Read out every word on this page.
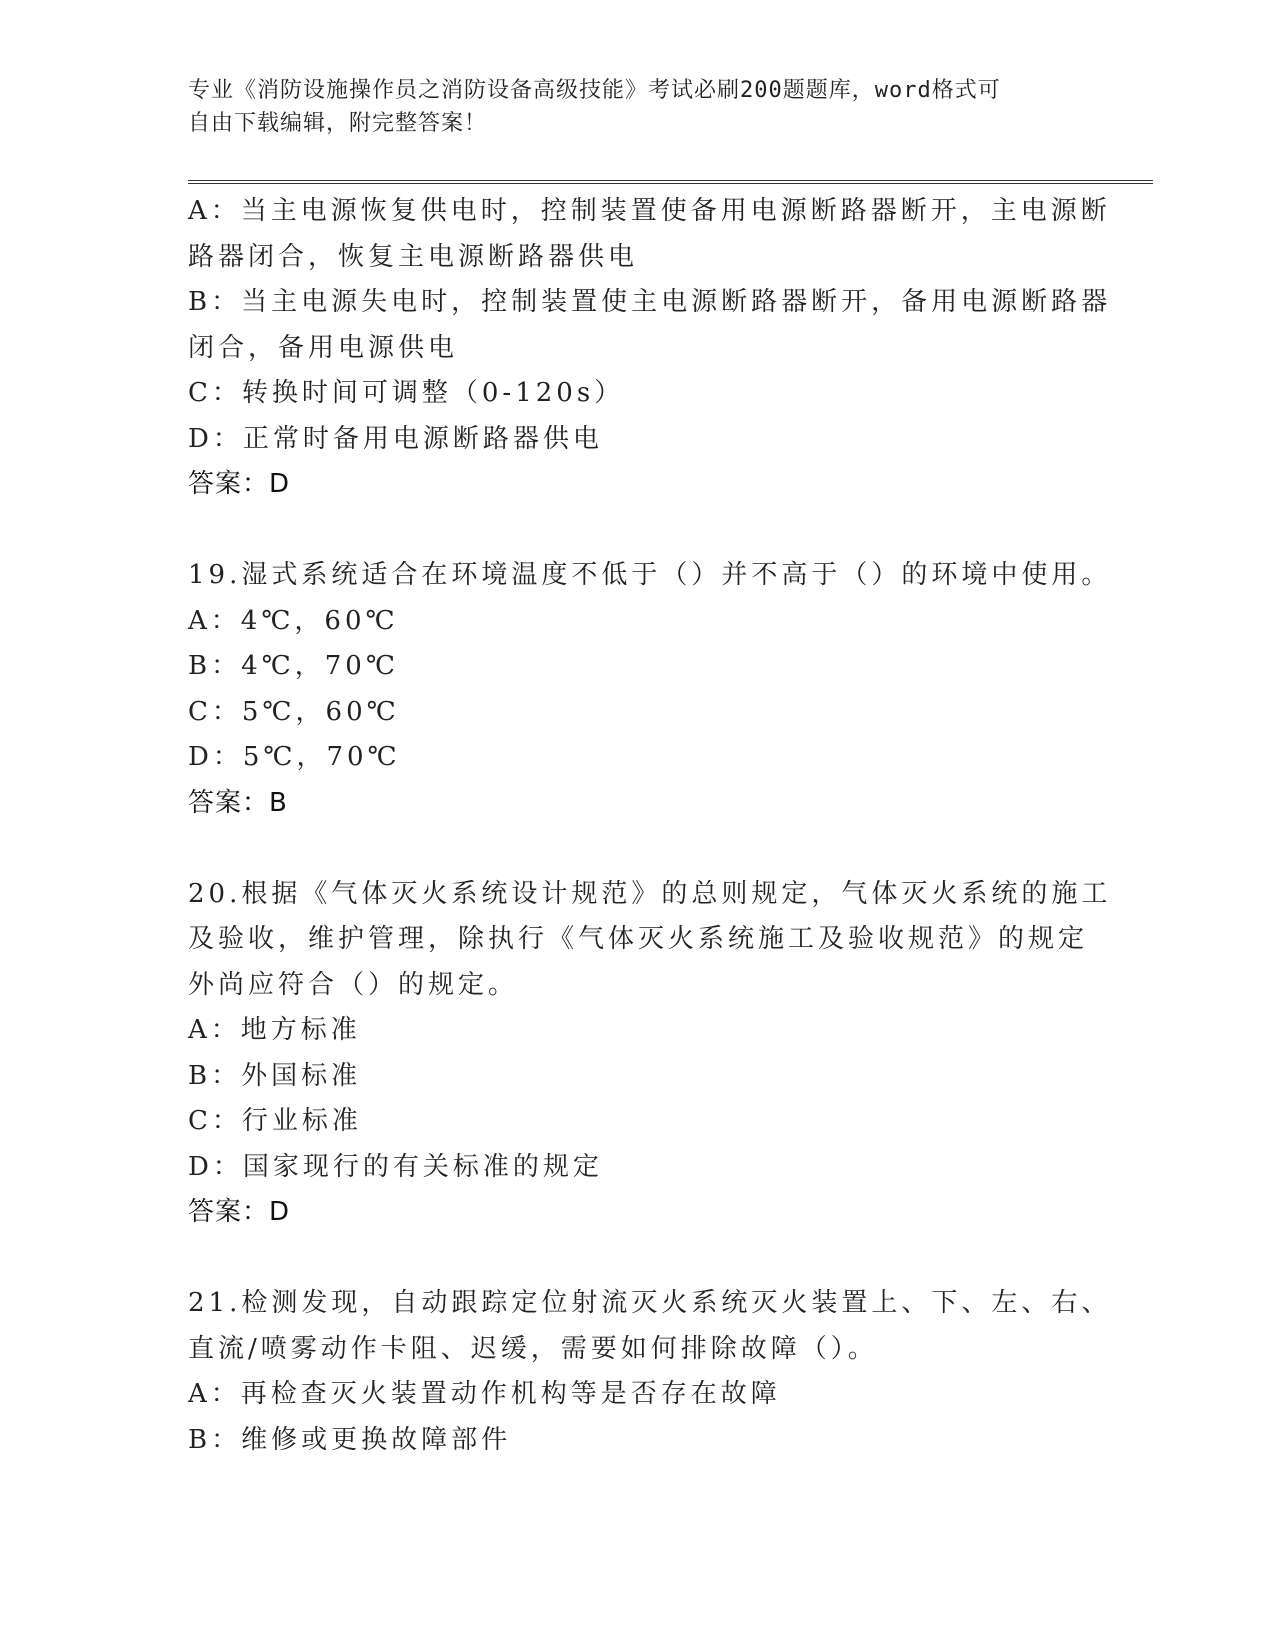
专业《消防设施操作员之消防设备高级技能》考试必刷200题题库，word格式可
自由下载编辑，附完整答案！
A：当主电源恢复供电时，控制装置使备用电源断路器断开，主电源断
路器闭合，恢复主电源断路器供电
B：当主电源失电时，控制装置使主电源断路器断开，备用电源断路器
闭合，备用电源供电
C：转换时间可调整（0-120s）
D：正常时备用电源断路器供电
答案：D
19.湿式系统适合在环境温度不低于（）并不高于（）的环境中使用。
A：4℃，60℃
B：4℃，70℃
C：5℃，60℃
D：5℃，70℃
答案：B
20.根据《气体灭火系统设计规范》的总则规定，气体灭火系统的施工
及验收，维护管理，除执行《气体灭火系统施工及验收规范》的规定
外尚应符合（）的规定。
A：地方标准
B：外国标准
C：行业标准
D：国家现行的有关标准的规定
答案：D
21.检测发现，自动跟踪定位射流灭火系统灭火装置上、下、左、右、
直流/喷雾动作卡阻、迟缓，需要如何排除故障（）。
A：再检查灭火装置动作机构等是否存在故障
B：维修或更换故障部件
